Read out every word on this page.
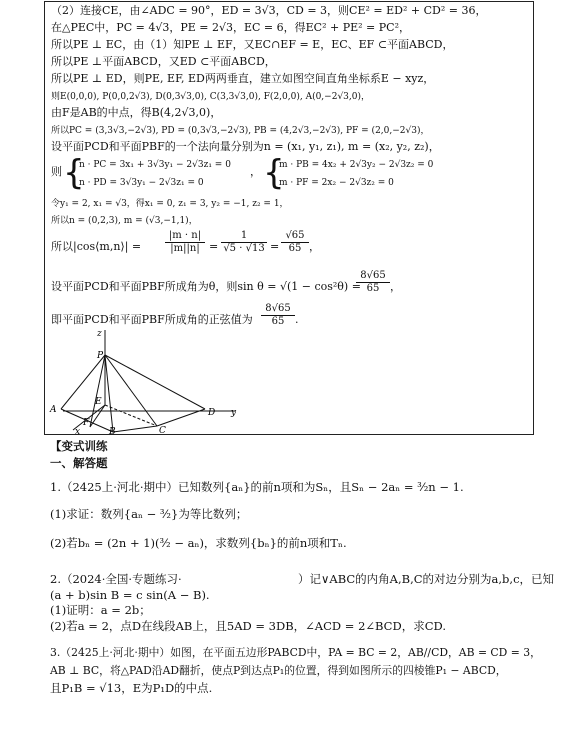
（2）连接CE，由∠ADC = 90°，ED = 3√3，CD = 3，则CE² = ED² + CD² = 36，
在△PEC中，PC = 4√3，PE = 2√3，EC = 6，得EC² + PE² = PC²，
所以PE ⊥ EC，由（1）知PE ⊥ EF，又EC∩EF = E，EC、EF ⊂平面ABCD，
所以PE ⊥平面ABCD，又ED ⊂平面ABCD，
所以PE ⊥ ED，则PE, EF, ED两两垂直，建立如图空间直角坐标系E − xyz，
则E(0,0,0), P(0,0,2√3), D(0,3√3,0), C(3,3√3,0), F(2,0,0), A(0,−2√3,0)，
由F是AB的中点，得B(4,2√3,0)，
所以PC = (3,3√3,−2√3), PD = (0,3√3,−2√3), PB = (4,2√3,−2√3), PF = (2,0,−2√3)，
设平面PCD和平面PBF的一个法向量分别为n = (x₁, y₁, z₁), m = (x₂, y₂, z₂)，
则 {
n · PC = 3x₁ + 3√3y₁ − 2√3z₁ = 0
n · PD = 3√3y₁ − 2√3z₁ = 0
， {
m · PB = 4x₂ + 2√3y₂ − 2√3z₂ = 0
m · PF = 2x₂ − 2√3z₂ = 0
令y₁ = 2, x₁ = √3，得x₁ = 0, z₁ = 3, y₂ = −1, z₂ = 1，
所以n = (0,2,3), m = (√3,−1,1)，
所以|cos⟨m,n⟩| = $\frac{|m \cdot n|}{|m||n|} = \frac{1}{√5 \cdot √13} = \frac{√65}{65}$ ，
设平面PCD和平面PBF所成角为θ，则sin θ = √(1 − cos²θ) =
$\frac{8√65}{65}$ ，
即平面PCD和平面PBF所成角的正弦值为 $\frac{8√65}{65}$ .
z
P
E
A	D y
F
C
B
x
【变式训练
一、解答题
1.（2425上·河北·期中）已知数列{aₙ}的前n项和为Sₙ，且Sₙ − 2aₙ = ³⁄₂n − 1.
(1)求证：数列{aₙ − ³⁄₂}为等比数列；
(2)若bₙ = (2n + 1)(³⁄₂ − aₙ)，求数列{bₙ}的前n项和Tₙ.
2.（2024·全国·专题练习·	）记∨ABC的内角A,B,C的对边分别为a,b,c，已知
(a + b)sin B = c sin(A − B).
(1)证明：a = 2b；
(2)若a = 2，点D在线段AB上，且5AD = 3DB，∠ACD = 2∠BCD，求CD.
3.（2425上·河北·期中）如图，在平面五边形PABCD中，PA = BC = 2，AB//CD，AB = CD = 3，
AB ⊥ BC，将△PAD沿AD翻折，使点P到达点P₁的位置，得到如图所示的四棱锥P₁ − ABCD，
且P₁B = √13，E为P₁D的中点.
